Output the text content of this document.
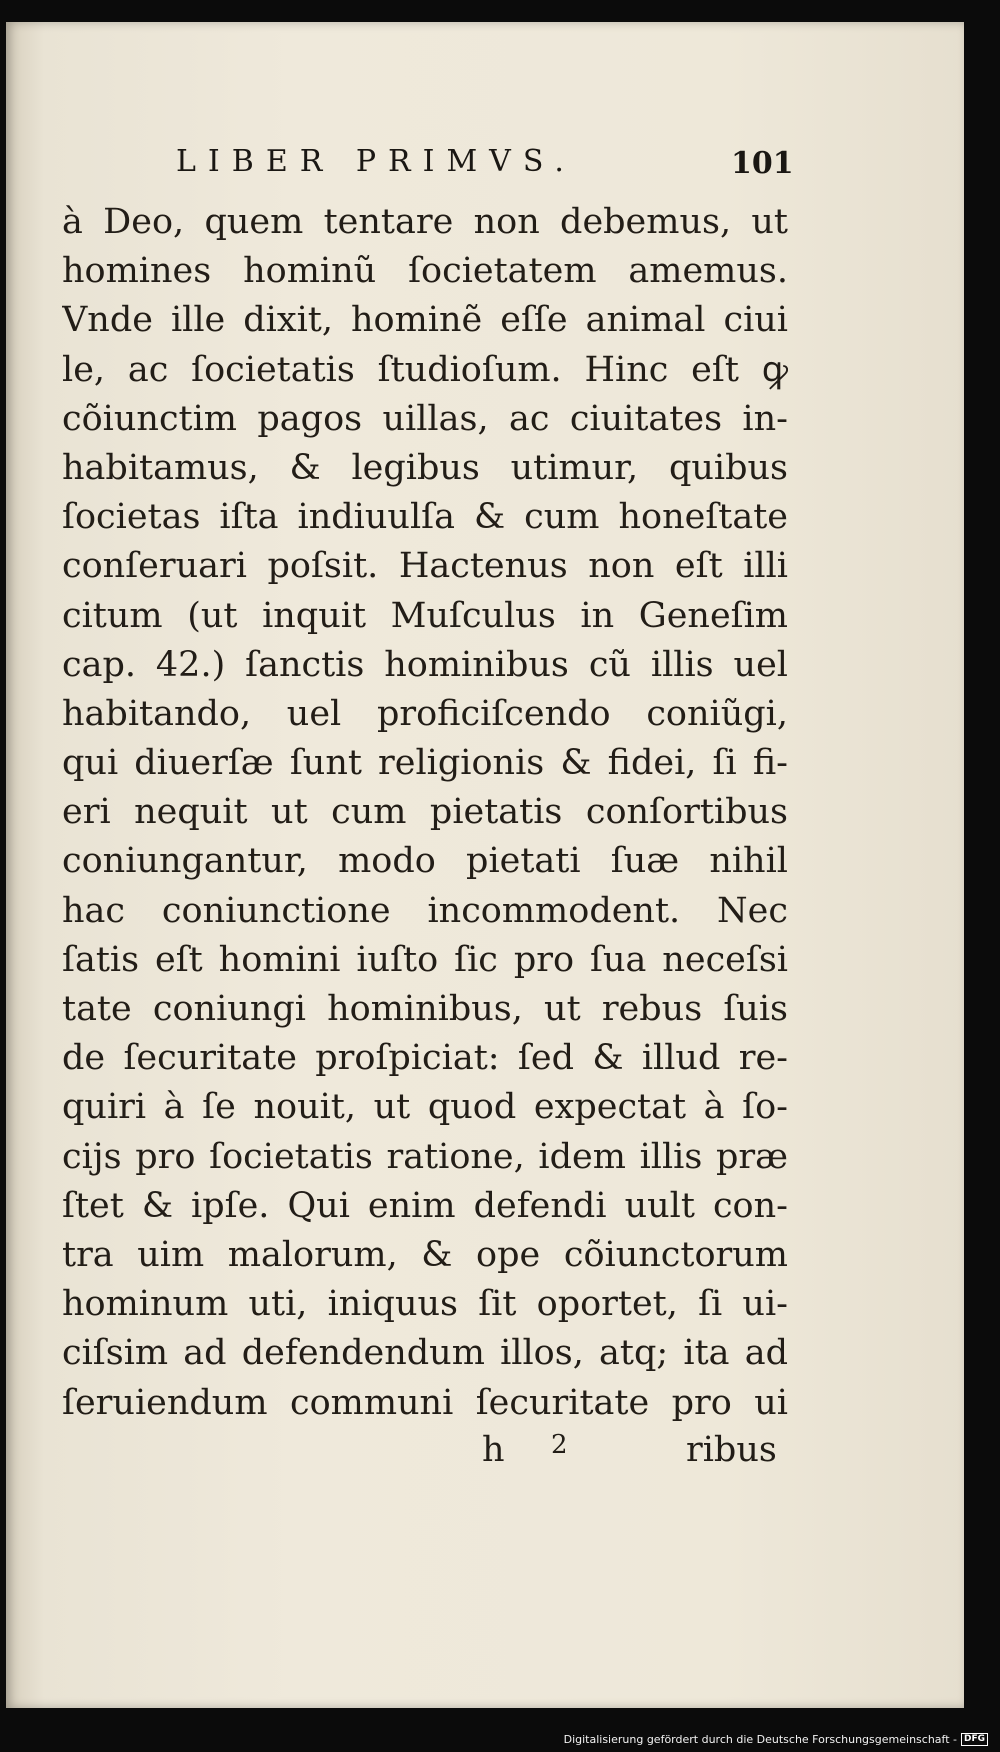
LIBER PRIMVS.	101
à Deo, quem tentare non debemus, ut
homines hominũ ſocietatem amemus.
Vnde ille dixit, hominẽ eſſe animal ciui
le, ac ſocietatis ſtudioſum. Hinc eſt ꝙ
cõiunctim pagos uillas, ac ciuitates in-
habitamus, & legibus utimur, quibus
ſocietas iſta indiuulſa & cum honeſtate
conſeruari poſsit. Hactenus non eſt illi
citum (ut inquit Muſculus in Geneſim
cap. 42.) ſanctis hominibus cũ illis uel
habitando, uel proficiſcendo coniũgi,
qui diuerſæ ſunt religionis & fidei, ſi fi-
eri nequit ut cum pietatis conſortibus
coniungantur, modo pietati ſuæ nihil
hac coniunctione incommodent. Nec
ſatis eſt homini iuſto ſic pro ſua neceſsi
tate coniungi hominibus, ut rebus ſuis
de ſecuritate proſpiciat: ſed & illud re-
quiri à ſe nouit, ut quod expectat à ſo-
cijs pro ſocietatis ratione, idem illis præ
ſtet & ipſe. Qui enim defendi uult con-
tra uim malorum, & ope cõiunctorum
hominum uti, iniquus ſit oportet, ſi ui-
ciſsim ad defendendum illos, atq; ita ad
ſeruiendum communi ſecuritate pro ui
h 2	ribus
Digitalisierung gefördert durch die Deutsche Forschungsgemeinschaft - DFG
